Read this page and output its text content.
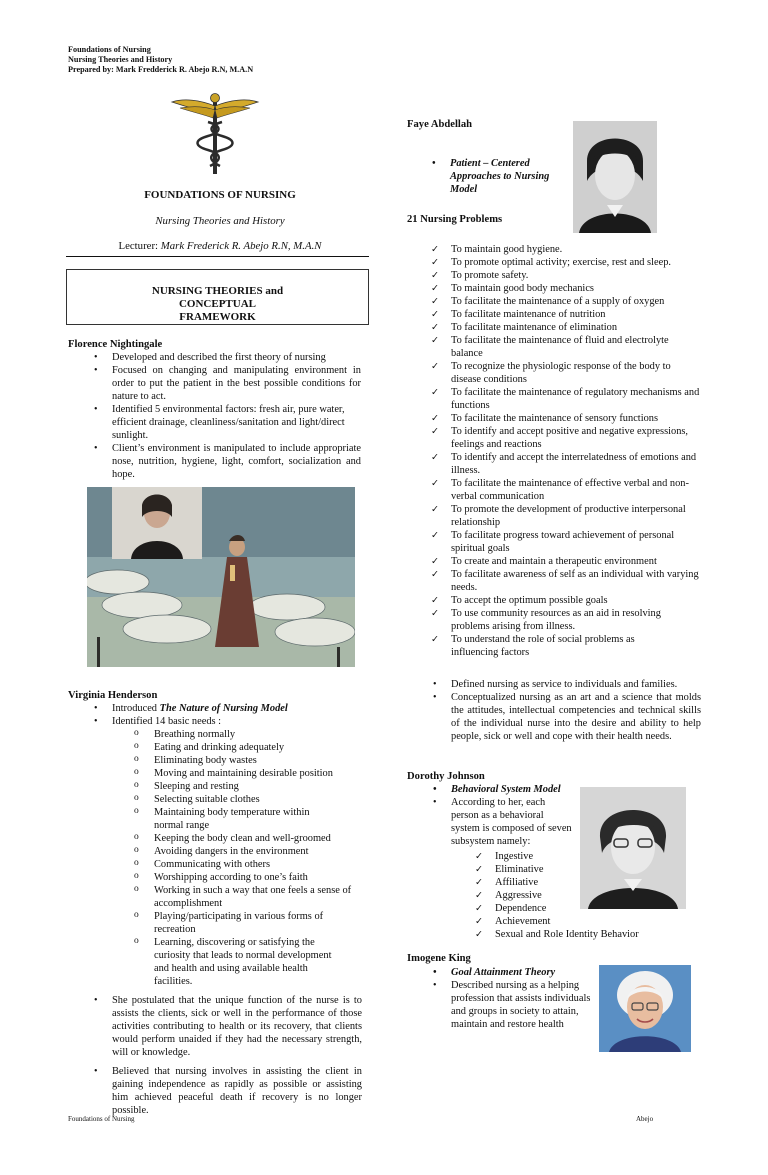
Foundations of Nursing
Nursing Theories and History
Prepared by: Mark Fredderick R. Abejo R.N, M.A.N
FOUNDATIONS OF NURSING
Nursing Theories and History
Lecturer: Mark Frederick R. Abejo R.N, M.A.N
NURSING THEORIES and CONCEPTUAL
FRAMEWORK
Florence Nightingale
• Developed and described the first theory of nursing
• Focused on changing and manipulating environment in order to put the patient in the best possible conditions for nature to act.
• Identified 5 environmental factors: fresh air, pure water, efficient drainage, cleanliness/sanitation and light/direct sunlight.
• Client’s environment is manipulated to include appropriate nose, nutrition, hygiene, light, comfort, socialization and hope.
Virginia Henderson
• Introduced The Nature of Nursing Model
• Identified 14 basic needs :
o Breathing normally
o Eating and drinking adequately
o Eliminating body wastes
o Moving and maintaining desirable position
o Sleeping and resting
o Selecting suitable clothes
o Maintaining body temperature within normal range
o Keeping the body clean and well-groomed
o Avoiding dangers in the environment
o Communicating with others
o Worshipping according to one’s faith
o Working in such a way that one feels a sense of accomplishment
o Playing/participating in various forms of recreation
o Learning, discovering or satisfying the curiosity that leads to normal development and health and using available health facilities.
• She postulated that the unique function of the nurse is to assists the clients, sick or well in the performance of those activities contributing to health or its recovery, that clients would perform unaided if they had the necessary strength, will or knowledge.
• Believed that nursing involves in assisting the client in gaining independence as rapidly as possible or assisting him achieved peaceful death if recovery is no longer possible.
Faye Abdellah
• Patient – Centered Approaches to Nursing Model
21 Nursing Problems
✓ To maintain good hygiene.
✓ To promote optimal activity; exercise, rest and sleep.
✓ To promote safety.
✓ To maintain good body mechanics
✓ To facilitate the maintenance of a supply of oxygen
✓ To facilitate maintenance of nutrition
✓ To facilitate maintenance of elimination
✓ To facilitate the maintenance of fluid and electrolyte balance
✓ To recognize the physiologic response of the body to disease conditions
✓ To facilitate the maintenance of regulatory mechanisms and functions
✓ To facilitate the maintenance of sensory functions
✓ To identify and accept positive and negative expressions, feelings and reactions
✓ To identify and accept the interrelatedness of emotions and illness.
✓ To facilitate the maintenance of effective verbal and non-verbal communication
✓ To promote the development of productive interpersonal relationship
✓ To facilitate progress toward achievement of personal spiritual goals
✓ To create and maintain a therapeutic environment
✓ To facilitate awareness of self as an individual with varying needs.
✓ To accept the optimum possible goals
✓ To use community resources as an aid in resolving problems arising from illness.
✓ To understand the role of social problems as influencing factors
• Defined nursing as service to individuals and families.
• Conceptualized nursing as an art and a science that molds the attitudes, intellectual competencies and technical skills of the individual nurse into the desire and ability to help people, sick or well and cope with their health needs.
Dorothy Johnson
• Behavioral System Model
• According to her, each person as a behavioral system is composed of seven subsystem namely:
✓ Ingestive
✓ Eliminative
✓ Affiliative
✓ Aggressive
✓ Dependence
✓ Achievement
✓ Sexual and Role Identity Behavior
Imogene King
• Goal Attainment Theory
• Described nursing as a helping profession that assists individuals and groups in society to attain, maintain and restore health
Foundations of Nursing	Abejo
